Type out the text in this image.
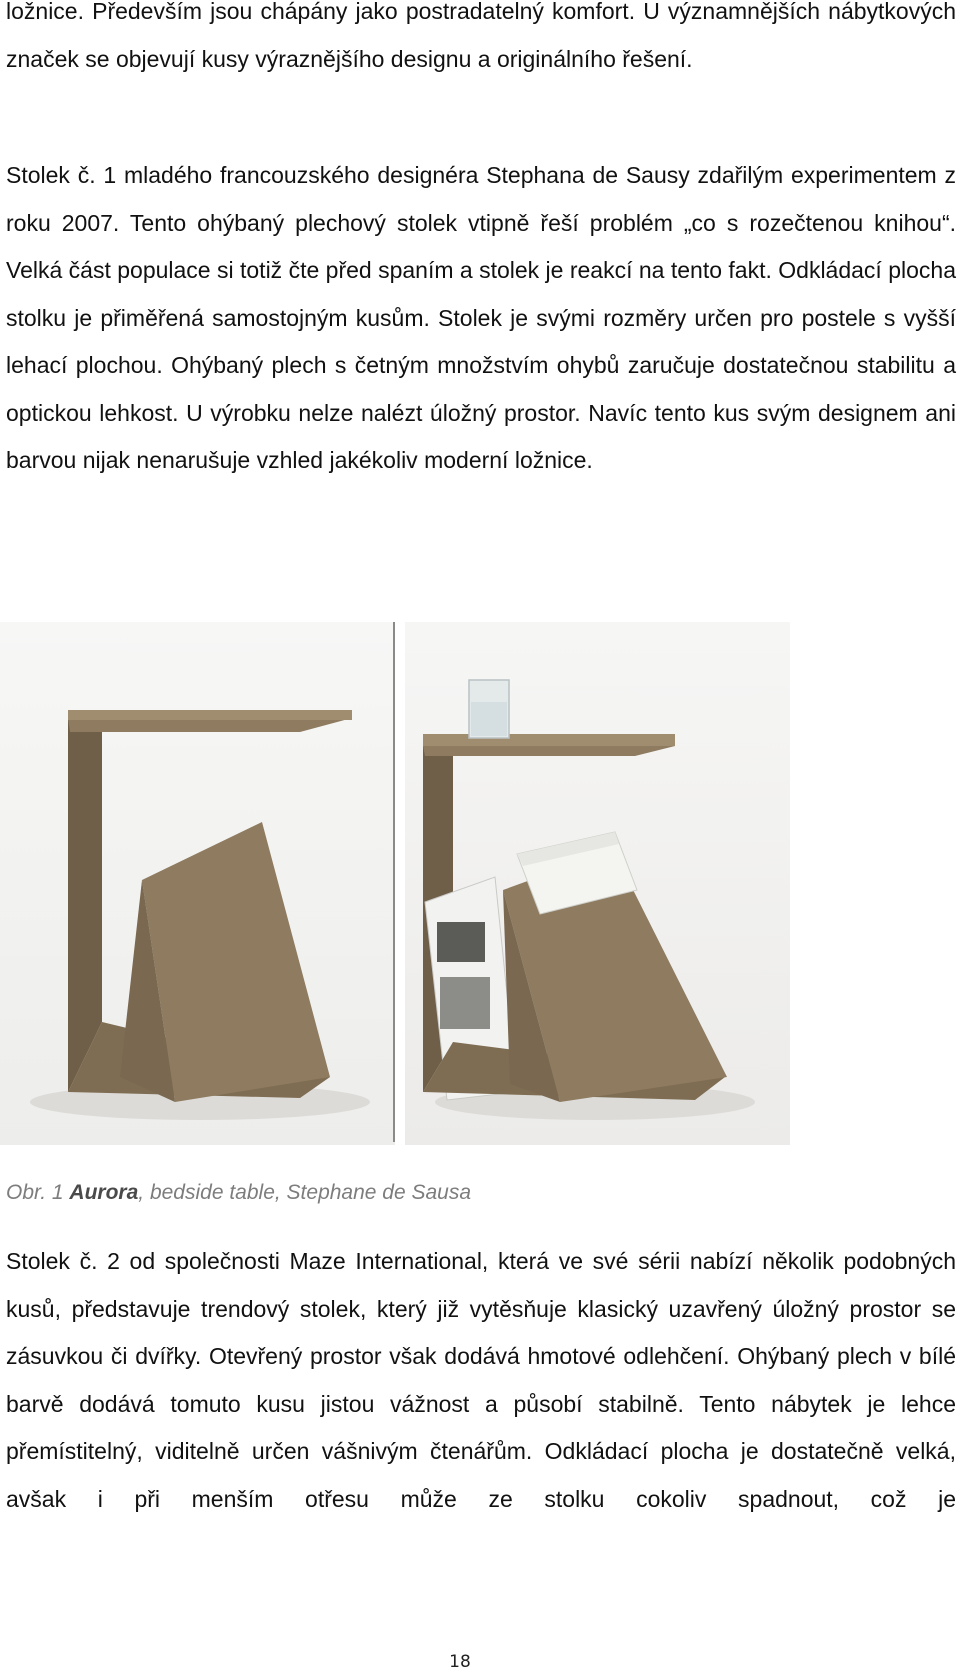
ložnice. Především jsou chápány jako postradatelný komfort. U významnějších nábytkových značek se objevují kusy výraznějšího designu a originálního řešení.

Stolek č. 1 mladého francouzského designéra Stephana de Sausy zdařilým experimentem z roku 2007. Tento ohýbaný plechový stolek vtipně řeší problém „co s rozečtenou knihou“. Velká část populace si totiž čte před spaním a stolek je reakcí na tento fakt. Odkládací plocha stolku je přiměřená samostojným kusům. Stolek je svými rozměry určen pro postele s vyšší lehací plochou. Ohýbaný plech s četným množstvím ohybů zaručuje dostatečnou stabilitu a optickou lehkost. U výrobku nelze nalézt úložný prostor. Navíc tento kus svým designem ani barvou nijak nenarušuje vzhled jakékoliv moderní ložnice.

Obr. 1 Aurora, bedside table, Stephane de Sausa

Stolek č. 2 od společnosti Maze International, která ve své sérii nabízí několik podobných kusů, představuje trendový stolek, který již vytěsňuje klasický uzavřený úložný prostor se zásuvkou či dvířky. Otevřený prostor však dodává hmotové odlehčení. Ohýbaný plech v bílé barvě dodává tomuto kusu jistou vážnost a působí stabilně. Tento nábytek je lehce přemístitelný, viditelně určen vášnivým čtenářům. Odkládací plocha je dostatečně velká, avšak i při menším otřesu může ze stolku cokoliv spadnout, což je

18
